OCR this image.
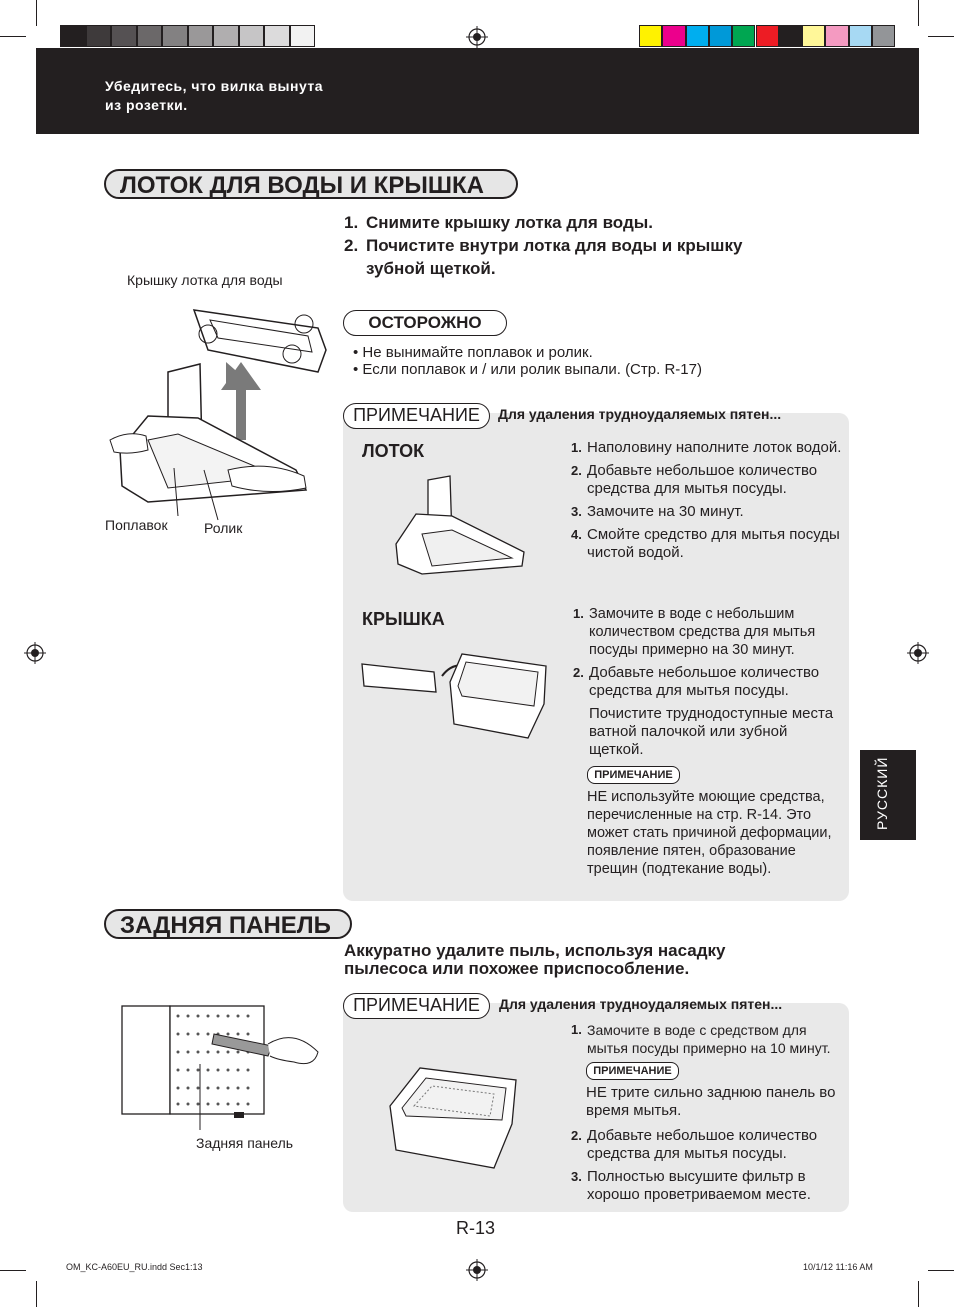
Убедитесь, что вилка вынута
из розетки.
ЛОТОК ДЛЯ ВОДЫ И КРЫШКА
1. Снимите крышку лотка для воды.
2. Почистите внутри лотка для воды и крышку
зубной щеткой.
Крышку лотка для воды
Поплавок	Ролик
ОСТОРОЖНО
• Не вынимайте поплавок и ролик.
• Если поплавок и / или ролик выпали. (Стр. R-17)
ПРИМЕЧАНИЕ	Для удаления трудноудаляемых пятен...
ЛОТОК	1. Наполовину наполните лоток водой.
2. Добавьте небольшое количество средства для мытья посуды.
3. Замочите на 30 минут.
4. Смойте средство для мытья посуды чистой водой.
КРЫШКА	1. Замочите в воде с небольшим количеством средства для мытья посуды примерно на 30 минут.
2. Добавьте небольшое количество средства для мытья посуды.
Почистите труднодоступные места ватной палочкой или зубной щеткой.
ПРИМЕЧАНИЕ
НЕ используйте моющие средства, перечисленные на стр. R-14. Это может стать причиной деформации, появление пятен, образование трещин (подтекание воды).
ЗАДНЯЯ ПАНЕЛЬ
Аккуратно удалите пыль, используя насадку
пылесоса или похожее приспособление.
Задняя панель
ПРИМЕЧАНИЕ	Для удаления трудноудаляемых пятен...
1. Замочите в воде с средством для мытья посуды примерно на 10 минут.
ПРИМЕЧАНИЕ
НЕ трите сильно заднюю панель во время мытья.
2. Добавьте небольшое количество средства для мытья посуды.
3. Полностью высушите фильтр в хорошо проветриваемом месте.
РУССКИЙ
R-13
OM_KC-A60EU_RU.indd Sec1:13	10/1/12 11:16 AM
